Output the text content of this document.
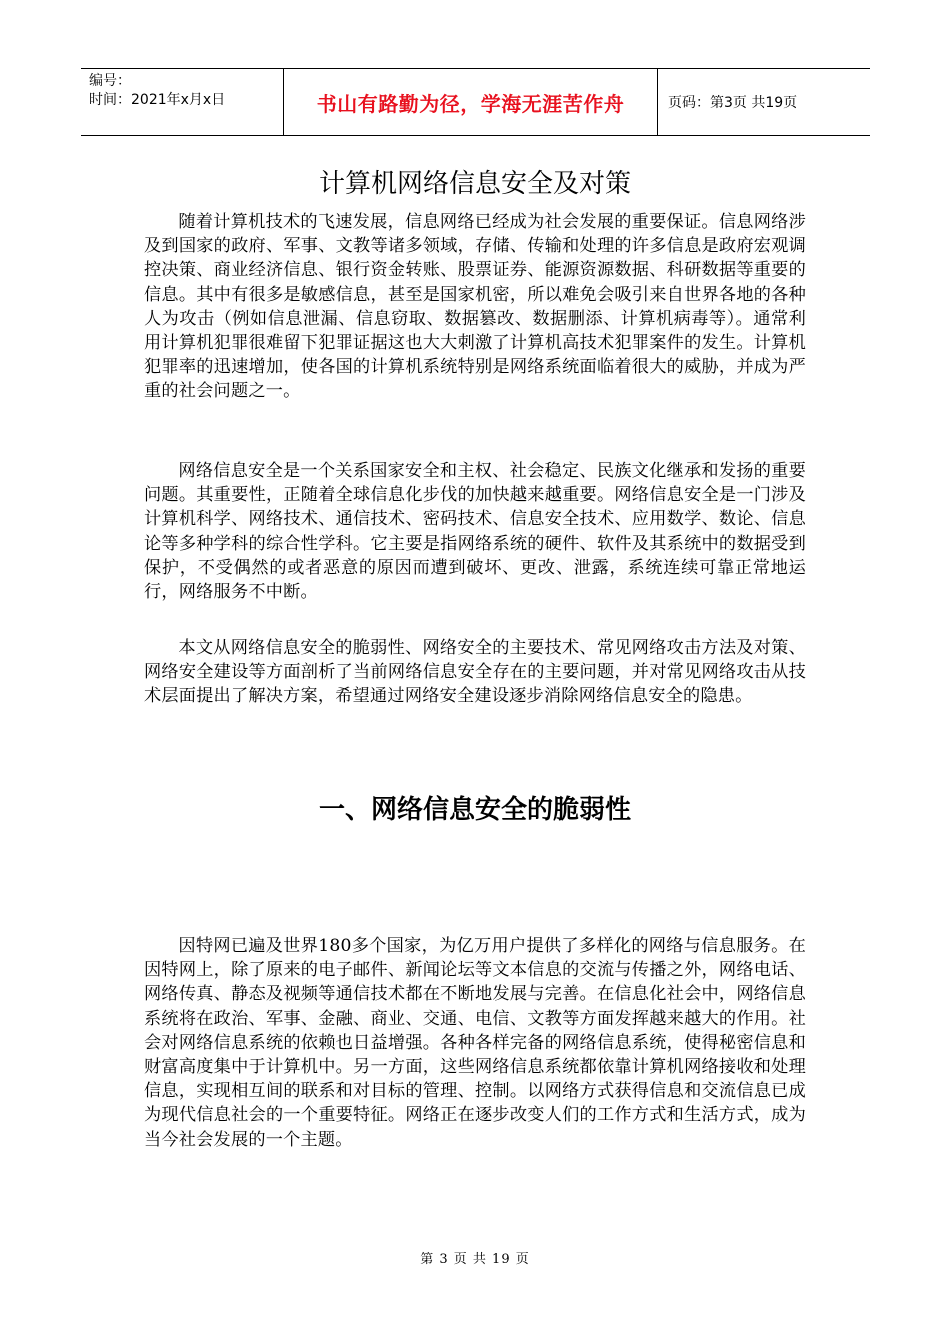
编号：
时间：2021年x月x日	书山有路勤为径，学海无涯苦作舟	页码：第3页 共19页
计算机网络信息安全及对策

随着计算机技术的飞速发展，信息网络已经成为社会发展的重要保证。信息网络涉及到国家的政府、军事、文教等诸多领域，存储、传输和处理的许多信息是政府宏观调控决策、商业经济信息、银行资金转账、股票证券、能源资源数据、科研数据等重要的信息。其中有很多是敏感信息，甚至是国家机密，所以难免会吸引来自世界各地的各种人为攻击（例如信息泄漏、信息窃取、数据篡改、数据删添、计算机病毒等）。通常利用计算机犯罪很难留下犯罪证据这也大大刺激了计算机高技术犯罪案件的发生。计算机犯罪率的迅速增加，使各国的计算机系统特别是网络系统面临着很大的威胁，并成为严重的社会问题之一。

网络信息安全是一个关系国家安全和主权、社会稳定、民族文化继承和发扬的重要问题。其重要性，正随着全球信息化步伐的加快越来越重要。网络信息安全是一门涉及计算机科学、网络技术、通信技术、密码技术、信息安全技术、应用数学、数论、信息论等多种学科的综合性学科。它主要是指网络系统的硬件、软件及其系统中的数据受到保护，不受偶然的或者恶意的原因而遭到破坏、更改、泄露，系统连续可靠正常地运行，网络服务不中断。

本文从网络信息安全的脆弱性、网络安全的主要技术、常见网络攻击方法及对策、网络安全建设等方面剖析了当前网络信息安全存在的主要问题，并对常见网络攻击从技术层面提出了解决方案，希望通过网络安全建设逐步消除网络信息安全的隐患。

一、网络信息安全的脆弱性

因特网已遍及世界180多个国家，为亿万用户提供了多样化的网络与信息服务。在因特网上，除了原来的电子邮件、新闻论坛等文本信息的交流与传播之外，网络电话、网络传真、静态及视频等通信技术都在不断地发展与完善。在信息化社会中，网络信息系统将在政治、军事、金融、商业、交通、电信、文教等方面发挥越来越大的作用。社会对网络信息系统的依赖也日益增强。各种各样完备的网络信息系统，使得秘密信息和财富高度集中于计算机中。另一方面，这些网络信息系统都依靠计算机网络接收和处理信息，实现相互间的联系和对目标的管理、控制。以网络方式获得信息和交流信息已成为现代信息社会的一个重要特征。网络正在逐步改变人们的工作方式和生活方式，成为当今社会发展的一个主题。

第 3 页 共 19 页
